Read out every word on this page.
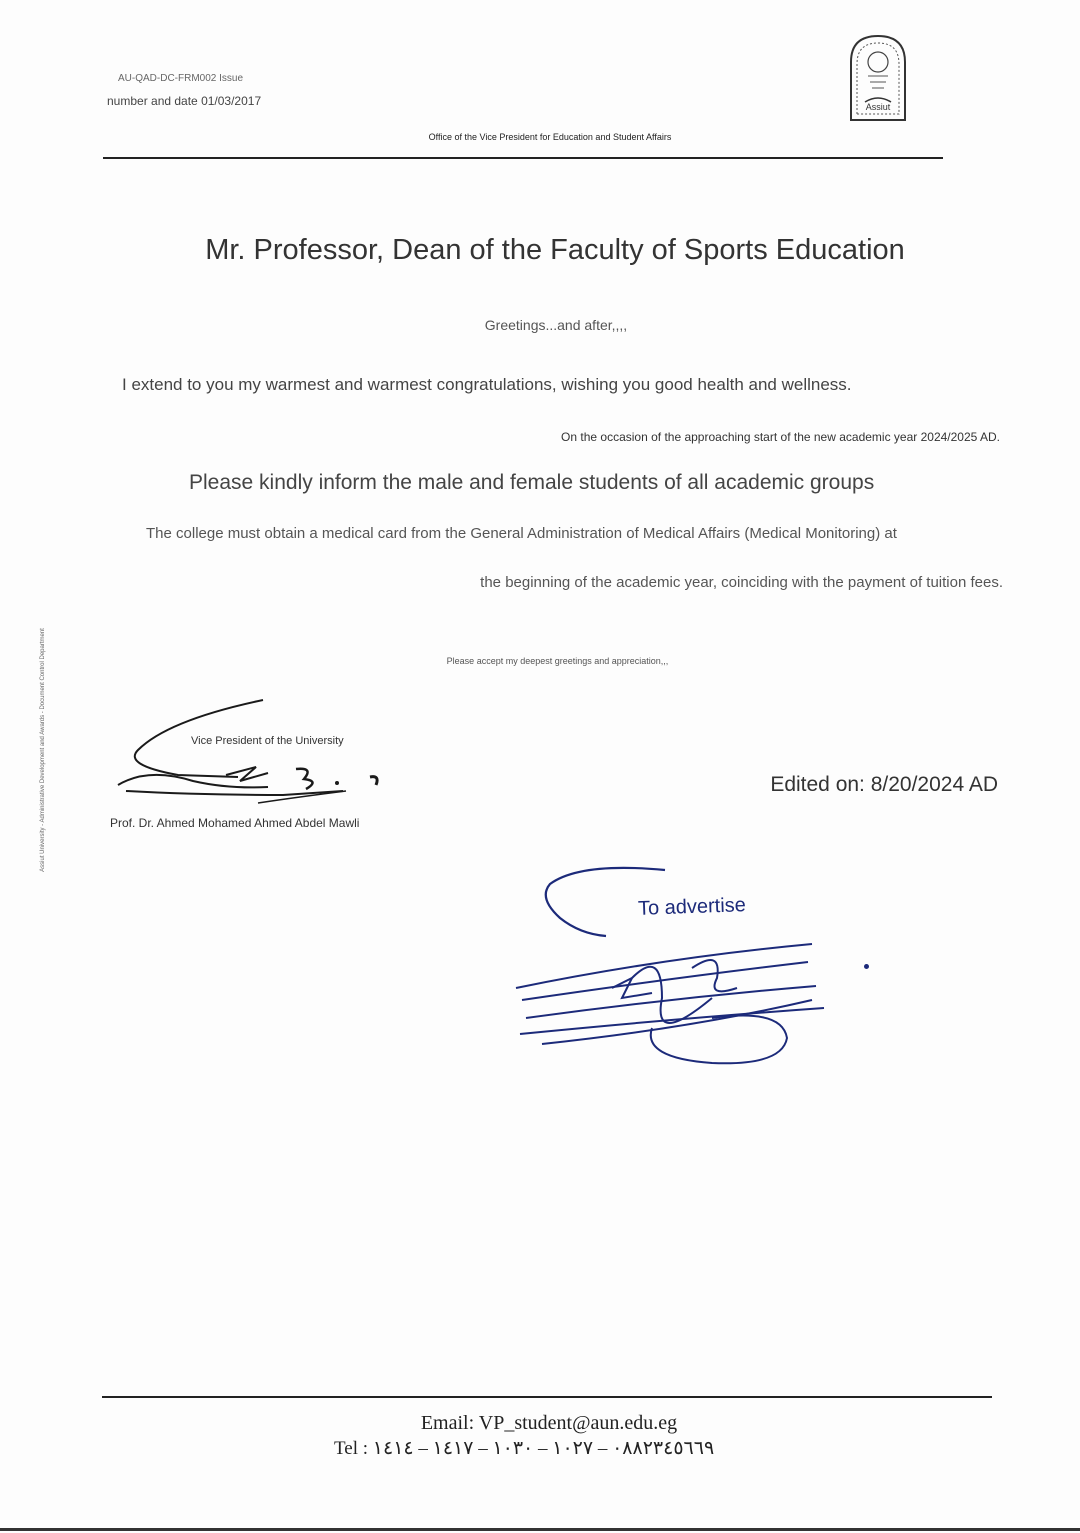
AU-QAD-DC-FRM002 Issue
number and date 01/03/2017	Assiut
Office of the Vice President for Education and Student Affairs
Mr. Professor, Dean of the Faculty of Sports Education
Greetings...and after,,,,
I extend to you my warmest and warmest congratulations, wishing you good health and wellness.
On the occasion of the approaching start of the new academic year 2024/2025 AD.
Please kindly inform the male and female students of all academic groups
The college must obtain a medical card from the General Administration of Medical Affairs (Medical Monitoring) at
the beginning of the academic year, coinciding with the payment of tuition fees.
Please accept my deepest greetings and appreciation,,,
Vice President of the University
Prof. Dr. Ahmed Mohamed Ahmed Abdel Mawli
Edited on: 8/20/2024 AD
To advertise
Assiut University - Administrative Development and Awards - Document Control Department
Email: VP_student@aun.edu.eg
Tel : ٠٨٨٢٣٤٥٦٦٩ – ١٠٢٧ – ١٠٣٠ – ١٤١٧ – ١٤١٤
